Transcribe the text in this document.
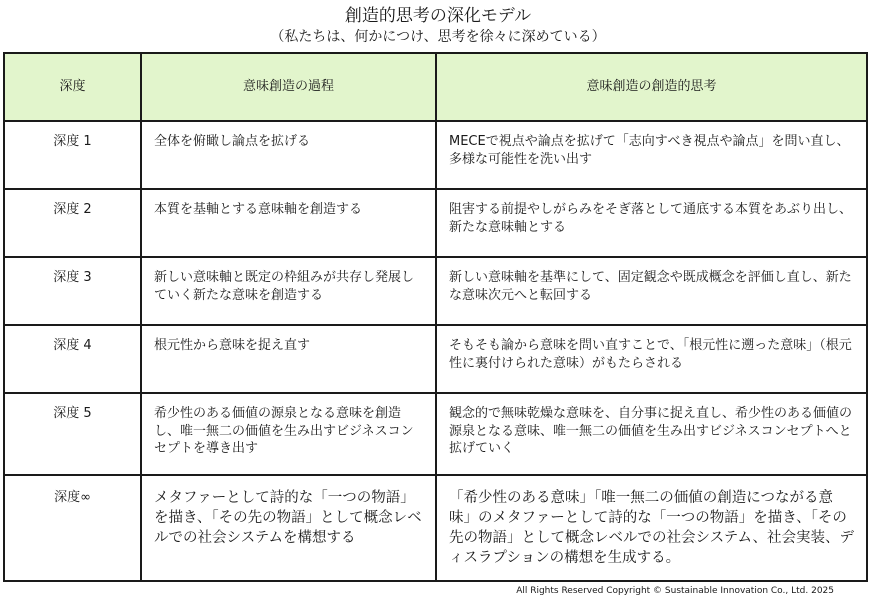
創造的思考の深化モデル
（私たちは、何かにつけ、思考を徐々に深めている）
深度	意味創造の過程	意味創造の創造的思考
深度 1	全体を俯瞰し論点を拡げる	MECEで視点や論点を拡げて「志向すべき視点や論点」を問い直し、多様な可能性を洗い出す
深度 2	本質を基軸とする意味軸を創造する	阻害する前提やしがらみをそぎ落として通底する本質をあぶり出し、新たな意味軸とする
深度 3	新しい意味軸と既定の枠組みが共存し発展していく新たな意味を創造する	新しい意味軸を基準にして、固定観念や既成概念を評価し直し、新たな意味次元へと転回する
深度 4	根元性から意味を捉え直す	そもそも論から意味を問い直すことで、「根元性に遡った意味」（根元性に裏付けられた意味）がもたらされる
深度 5	希少性のある価値の源泉となる意味を創造し、唯一無二の価値を生み出すビジネスコンセプトを導き出す	観念的で無味乾燥な意味を、自分事に捉え直し、希少性のある価値の源泉となる意味、唯一無二の価値を生み出すビジネスコンセプトへと拡げていく
深度∞	メタファーとして詩的な「一つの物語」を描き、「その先の物語」として概念レベルでの社会システムを構想する	「希少性のある意味」「唯一無二の価値の創造につながる意味」のメタファーとして詩的な「一つの物語」を描き、「その先の物語」として概念レベルでの社会システム、社会実装、ディスラプションの構想を生成する。
All Rights Reserved Copyright © Sustainable Innovation Co., Ltd. 2025
